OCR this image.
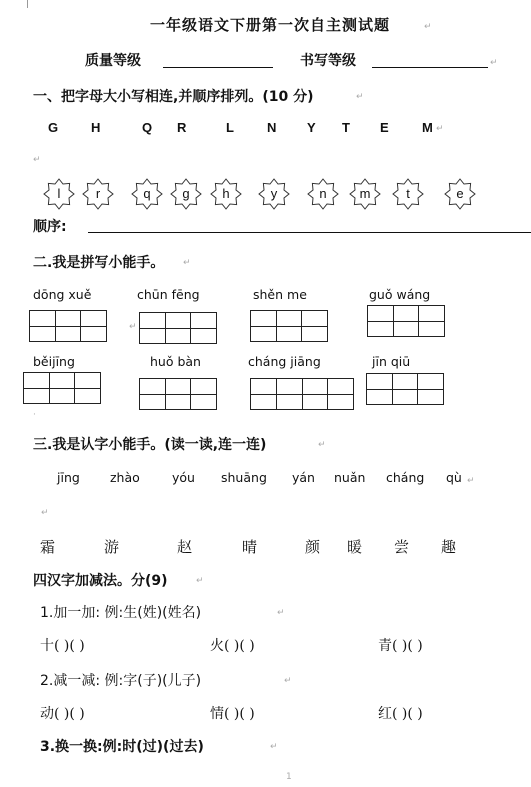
一年级语文下册第一次自主测试题	↵
质量等级	书写等级	↵
一、把字母大小写相连,并顺序排列。(10 分)	↵
G	H	Q R	L	N Y T E	M ↵
↵
l	r	q	g	h	y	n	m	t	e
顺序:
二.我是拼写小能手。 ↵
dōng xuě	chūn fēng	shěn me	guǒ wáng
↵
běijīng	huǒ bàn	cháng jiāng	jīn qiū
·
三.我是认字小能手。(读一读,连一连)	↵
jīng zhào	yóu shuāng yán nuǎn cháng qù ↵
↵
霜	游	赵	晴	颜 暖 尝 趣
四汉字加减法。分(9)	↵
1.加一加: 例:生(姓)(姓名)	↵
十( )( )	火( )( )	青( )( )
2.减一减: 例:字(子)(儿子)	↵
动( )( )	情( )( )	红( )( )
3.换一换:例:时(过)(过去)	↵
1
